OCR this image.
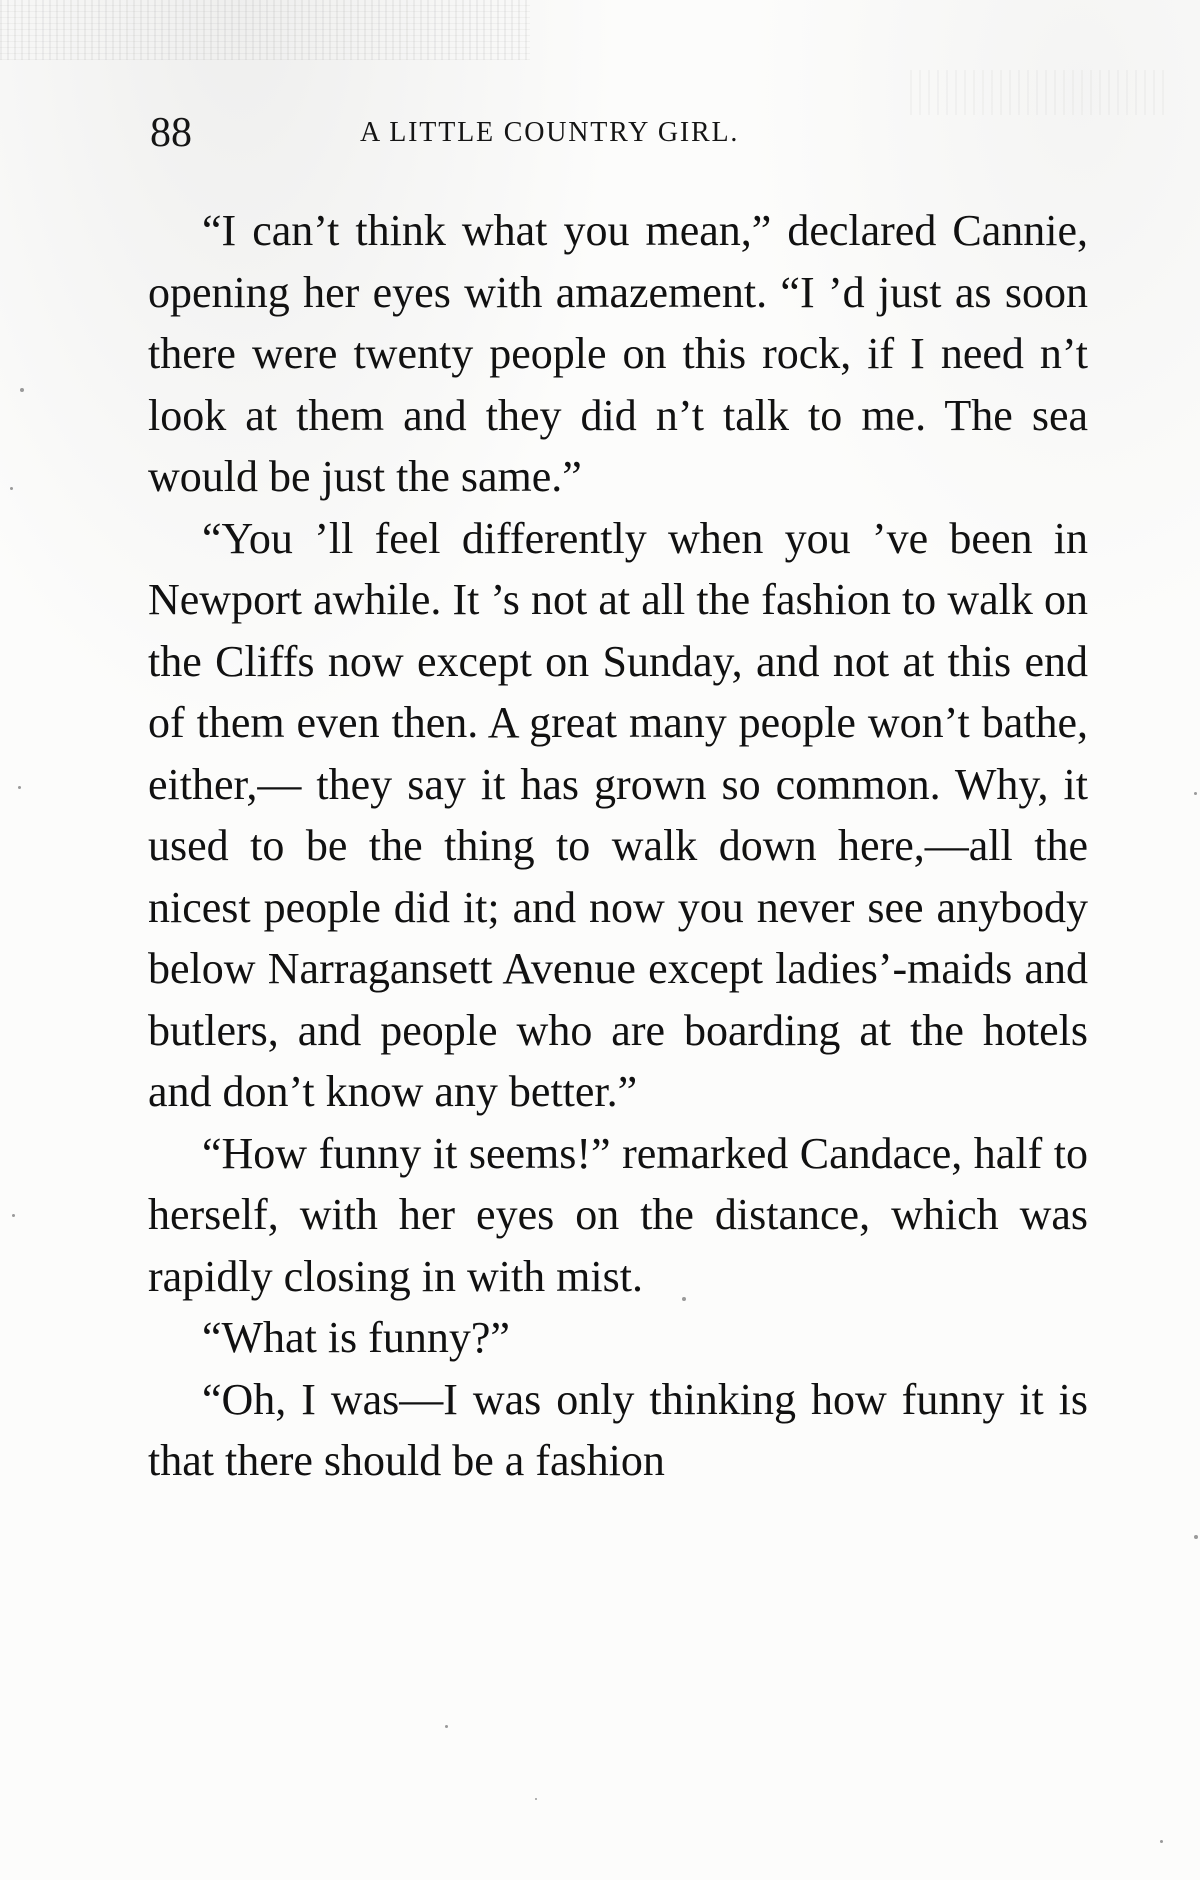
88	A LITTLE COUNTRY GIRL.

“I can’t think what you mean,” declared Cannie, opening her eyes with amazement. “I ’d just as soon there were twenty people on this rock, if I need n’t look at them and they did n’t talk to me. The sea would be just the same.”

“You ’ll feel differently when you ’ve been in Newport awhile. It ’s not at all the fashion to walk on the Cliffs now except on Sunday, and not at this end of them even then. A great many people won’t bathe, either,— they say it has grown so common. Why, it used to be the thing to walk down here,—all the nicest people did it; and now you never see anybody below Narragansett Avenue except ladies’-maids and butlers, and people who are boarding at the hotels and don’t know any better.”

“How funny it seems!” remarked Candace, half to herself, with her eyes on the distance, which was rapidly closing in with mist.

“What is funny?”

“Oh, I was—I was only thinking how funny it is that there should be a fashion
